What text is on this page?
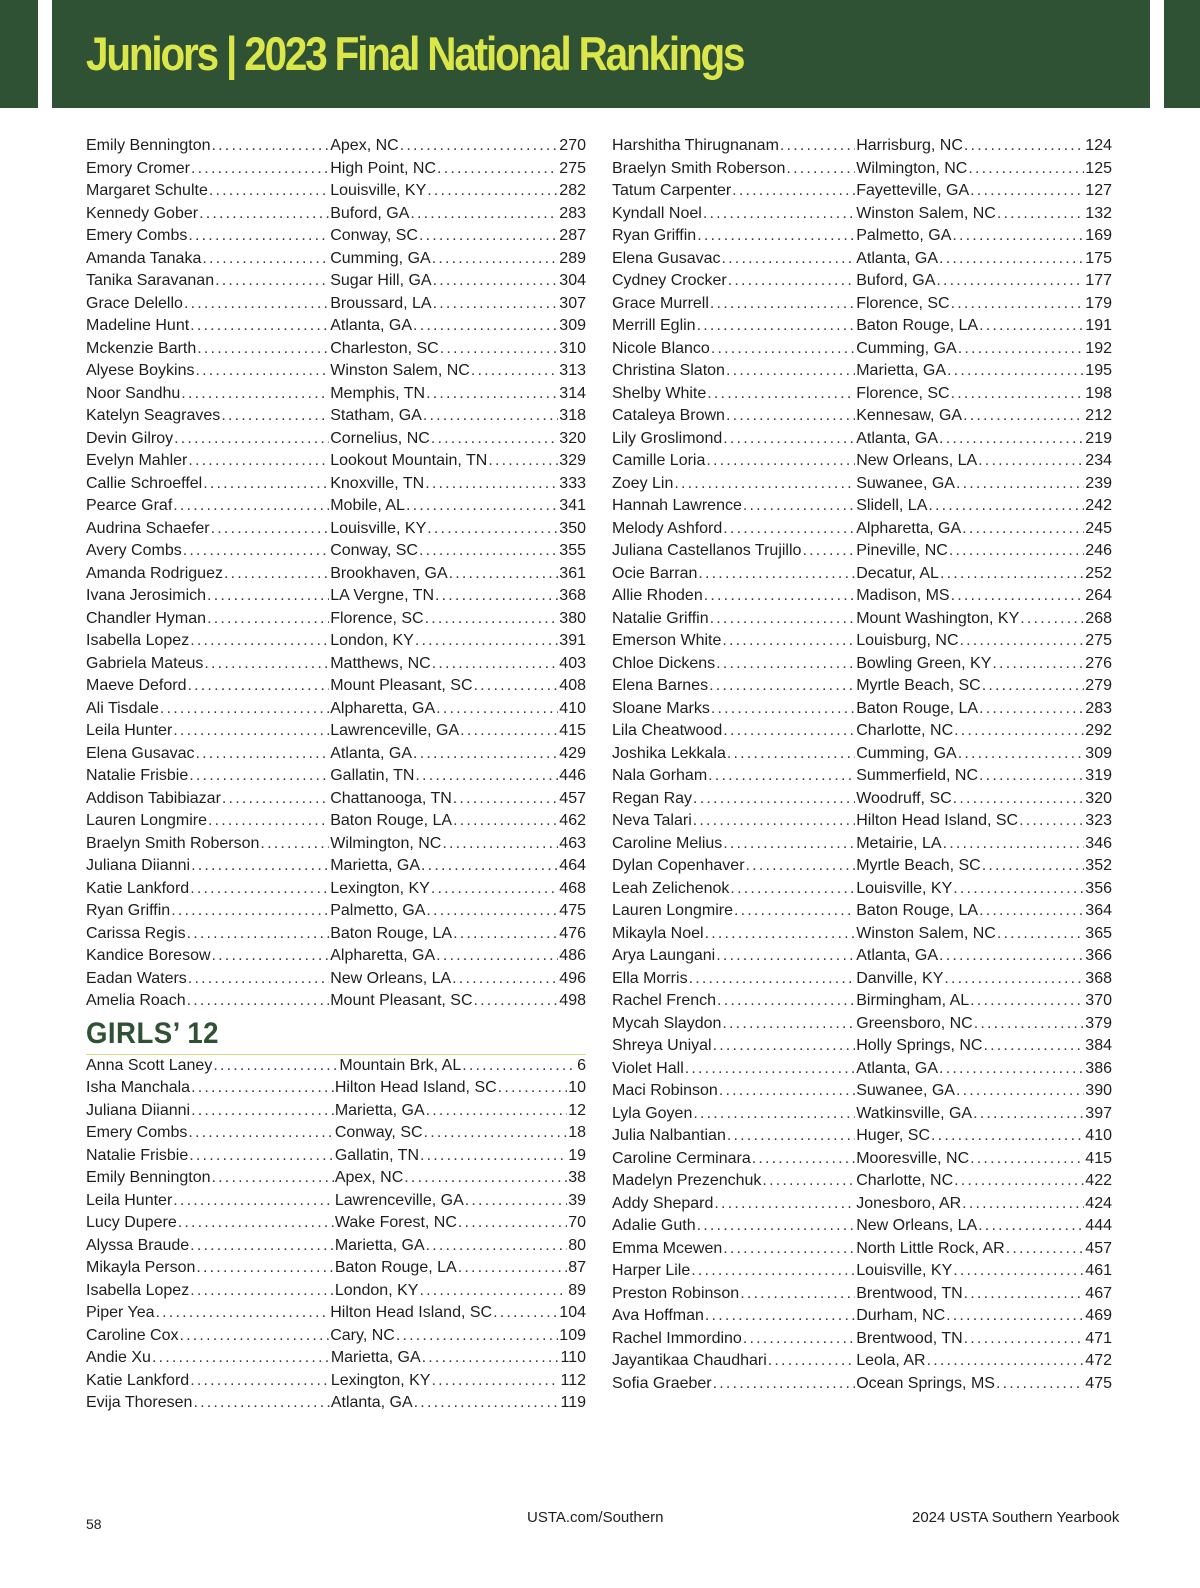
Juniors | 2023 Final National Rankings
Emily Bennington .....	Apex, NC .....	270
Emory Cromer .....	High Point, NC .....	275
Margaret Schulte .....	Louisville, KY .....	282
Kennedy Gober .....	Buford, GA .....	283
Emery Combs .....	Conway, SC .....	287
Amanda Tanaka .....	Cumming, GA .....	289
Tanika Saravanan .....	Sugar Hill, GA .....	304
Grace Delello .....	Broussard, LA .....	307
Madeline Hunt .....	Atlanta, GA .....	309
Mckenzie Barth .....	Charleston, SC .....	310
Alyese Boykins .....	Winston Salem, NC .....	313
Noor Sandhu .....	Memphis, TN .....	314
Katelyn Seagraves .....	Statham, GA .....	318
Devin Gilroy .....	Cornelius, NC .....	320
Evelyn Mahler .....	Lookout Mountain, TN .....	329
Callie Schroeffel .....	Knoxville, TN .....	333
Pearce Graf .....	Mobile, AL .....	341
Audrina Schaefer .....	Louisville, KY .....	350
Avery Combs .....	Conway, SC .....	355
Amanda Rodriguez .....	Brookhaven, GA .....	361
Ivana Jerosimich .....	LA Vergne, TN .....	368
Chandler Hyman .....	Florence, SC .....	380
Isabella Lopez .....	London, KY .....	391
Gabriela Mateus .....	Matthews, NC .....	403
Maeve Deford .....	Mount Pleasant, SC .....	408
Ali Tisdale .....	Alpharetta, GA .....	410
Leila Hunter .....	Lawrenceville, GA .....	415
Elena Gusavac .....	Atlanta, GA .....	429
Natalie Frisbie .....	Gallatin, TN .....	446
Addison Tabibiazar .....	Chattanooga, TN .....	457
Lauren Longmire .....	Baton Rouge, LA .....	462
Braelyn Smith Roberson .....	Wilmington, NC .....	463
Juliana Diianni .....	Marietta, GA .....	464
Katie Lankford .....	Lexington, KY .....	468
Ryan Griffin .....	Palmetto, GA .....	475
Carissa Regis .....	Baton Rouge, LA .....	476
Kandice Boresow .....	Alpharetta, GA .....	486
Eadan Waters .....	New Orleans, LA .....	496
Amelia Roach .....	Mount Pleasant, SC .....	498
GIRLS’ 12
Anna Scott Laney .....	Mountain Brk, AL .....	6
Isha Manchala .....	Hilton Head Island, SC .....	10
Juliana Diianni .....	Marietta, GA .....	12
Emery Combs .....	Conway, SC .....	18
Natalie Frisbie .....	Gallatin, TN .....	19
Emily Bennington .....	Apex, NC .....	38
Leila Hunter .....	Lawrenceville, GA .....	39
Lucy Dupere .....	Wake Forest, NC .....	70
Alyssa Braude .....	Marietta, GA .....	80
Mikayla Person .....	Baton Rouge, LA .....	87
Isabella Lopez .....	London, KY .....	89
Piper Yea .....	Hilton Head Island, SC .....	104
Caroline Cox .....	Cary, NC .....	109
Andie Xu .....	Marietta, GA .....	110
Katie Lankford .....	Lexington, KY .....	112
Evija Thoresen .....	Atlanta, GA .....	119
Harshitha Thirugnanam .....	Harrisburg, NC .....	124
Braelyn Smith Roberson .....	Wilmington, NC .....	125
Tatum Carpenter .....	Fayetteville, GA .....	127
Kyndall Noel .....	Winston Salem, NC .....	132
Ryan Griffin .....	Palmetto, GA .....	169
Elena Gusavac .....	Atlanta, GA .....	175
Cydney Crocker .....	Buford, GA .....	177
Grace Murrell .....	Florence, SC .....	179
Merrill Eglin .....	Baton Rouge, LA .....	191
Nicole Blanco .....	Cumming, GA .....	192
Christina Slaton .....	Marietta, GA .....	195
Shelby White .....	Florence, SC .....	198
Cataleya Brown .....	Kennesaw, GA .....	212
Lily Groslimond .....	Atlanta, GA .....	219
Camille Loria .....	New Orleans, LA .....	234
Zoey Lin .....	Suwanee, GA .....	239
Hannah Lawrence .....	Slidell, LA .....	242
Melody Ashford .....	Alpharetta, GA .....	245
Juliana Castellanos Trujillo .....	Pineville, NC .....	246
Ocie Barran .....	Decatur, AL .....	252
Allie Rhoden .....	Madison, MS .....	264
Natalie Griffin .....	Mount Washington, KY .....	268
Emerson White .....	Louisburg, NC .....	275
Chloe Dickens .....	Bowling Green, KY .....	276
Elena Barnes .....	Myrtle Beach, SC .....	279
Sloane Marks .....	Baton Rouge, LA .....	283
Lila Cheatwood .....	Charlotte, NC .....	292
Joshika Lekkala .....	Cumming, GA .....	309
Nala Gorham .....	Summerfield, NC .....	319
Regan Ray .....	Woodruff, SC .....	320
Neva Talari .....	Hilton Head Island, SC .....	323
Caroline Melius .....	Metairie, LA .....	346
Dylan Copenhaver .....	Myrtle Beach, SC .....	352
Leah Zelichenok .....	Louisville, KY .....	356
Lauren Longmire .....	Baton Rouge, LA .....	364
Mikayla Noel .....	Winston Salem, NC .....	365
Arya Laungani .....	Atlanta, GA .....	366
Ella Morris .....	Danville, KY .....	368
Rachel French .....	Birmingham, AL .....	370
Mycah Slaydon .....	Greensboro, NC .....	379
Shreya Uniyal .....	Holly Springs, NC .....	384
Violet Hall .....	Atlanta, GA .....	386
Maci Robinson .....	Suwanee, GA .....	390
Lyla Goyen .....	Watkinsville, GA .....	397
Julia Nalbantian .....	Huger, SC .....	410
Caroline Cerminara .....	Mooresville, NC .....	415
Madelyn Prezenchuk .....	Charlotte, NC .....	422
Addy Shepard .....	Jonesboro, AR .....	424
Adalie Guth .....	New Orleans, LA .....	444
Emma Mcewen .....	North Little Rock, AR .....	457
Harper Lile .....	Louisville, KY .....	461
Preston Robinson .....	Brentwood, TN .....	467
Ava Hoffman .....	Durham, NC .....	469
Rachel Immordino .....	Brentwood, TN .....	471
Jayantikaa Chaudhari .....	Leola, AR .....	472
Sofia Graeber .....	Ocean Springs, MS .....	475
58	USTA.com/Southern	2024 USTA Southern Yearbook
